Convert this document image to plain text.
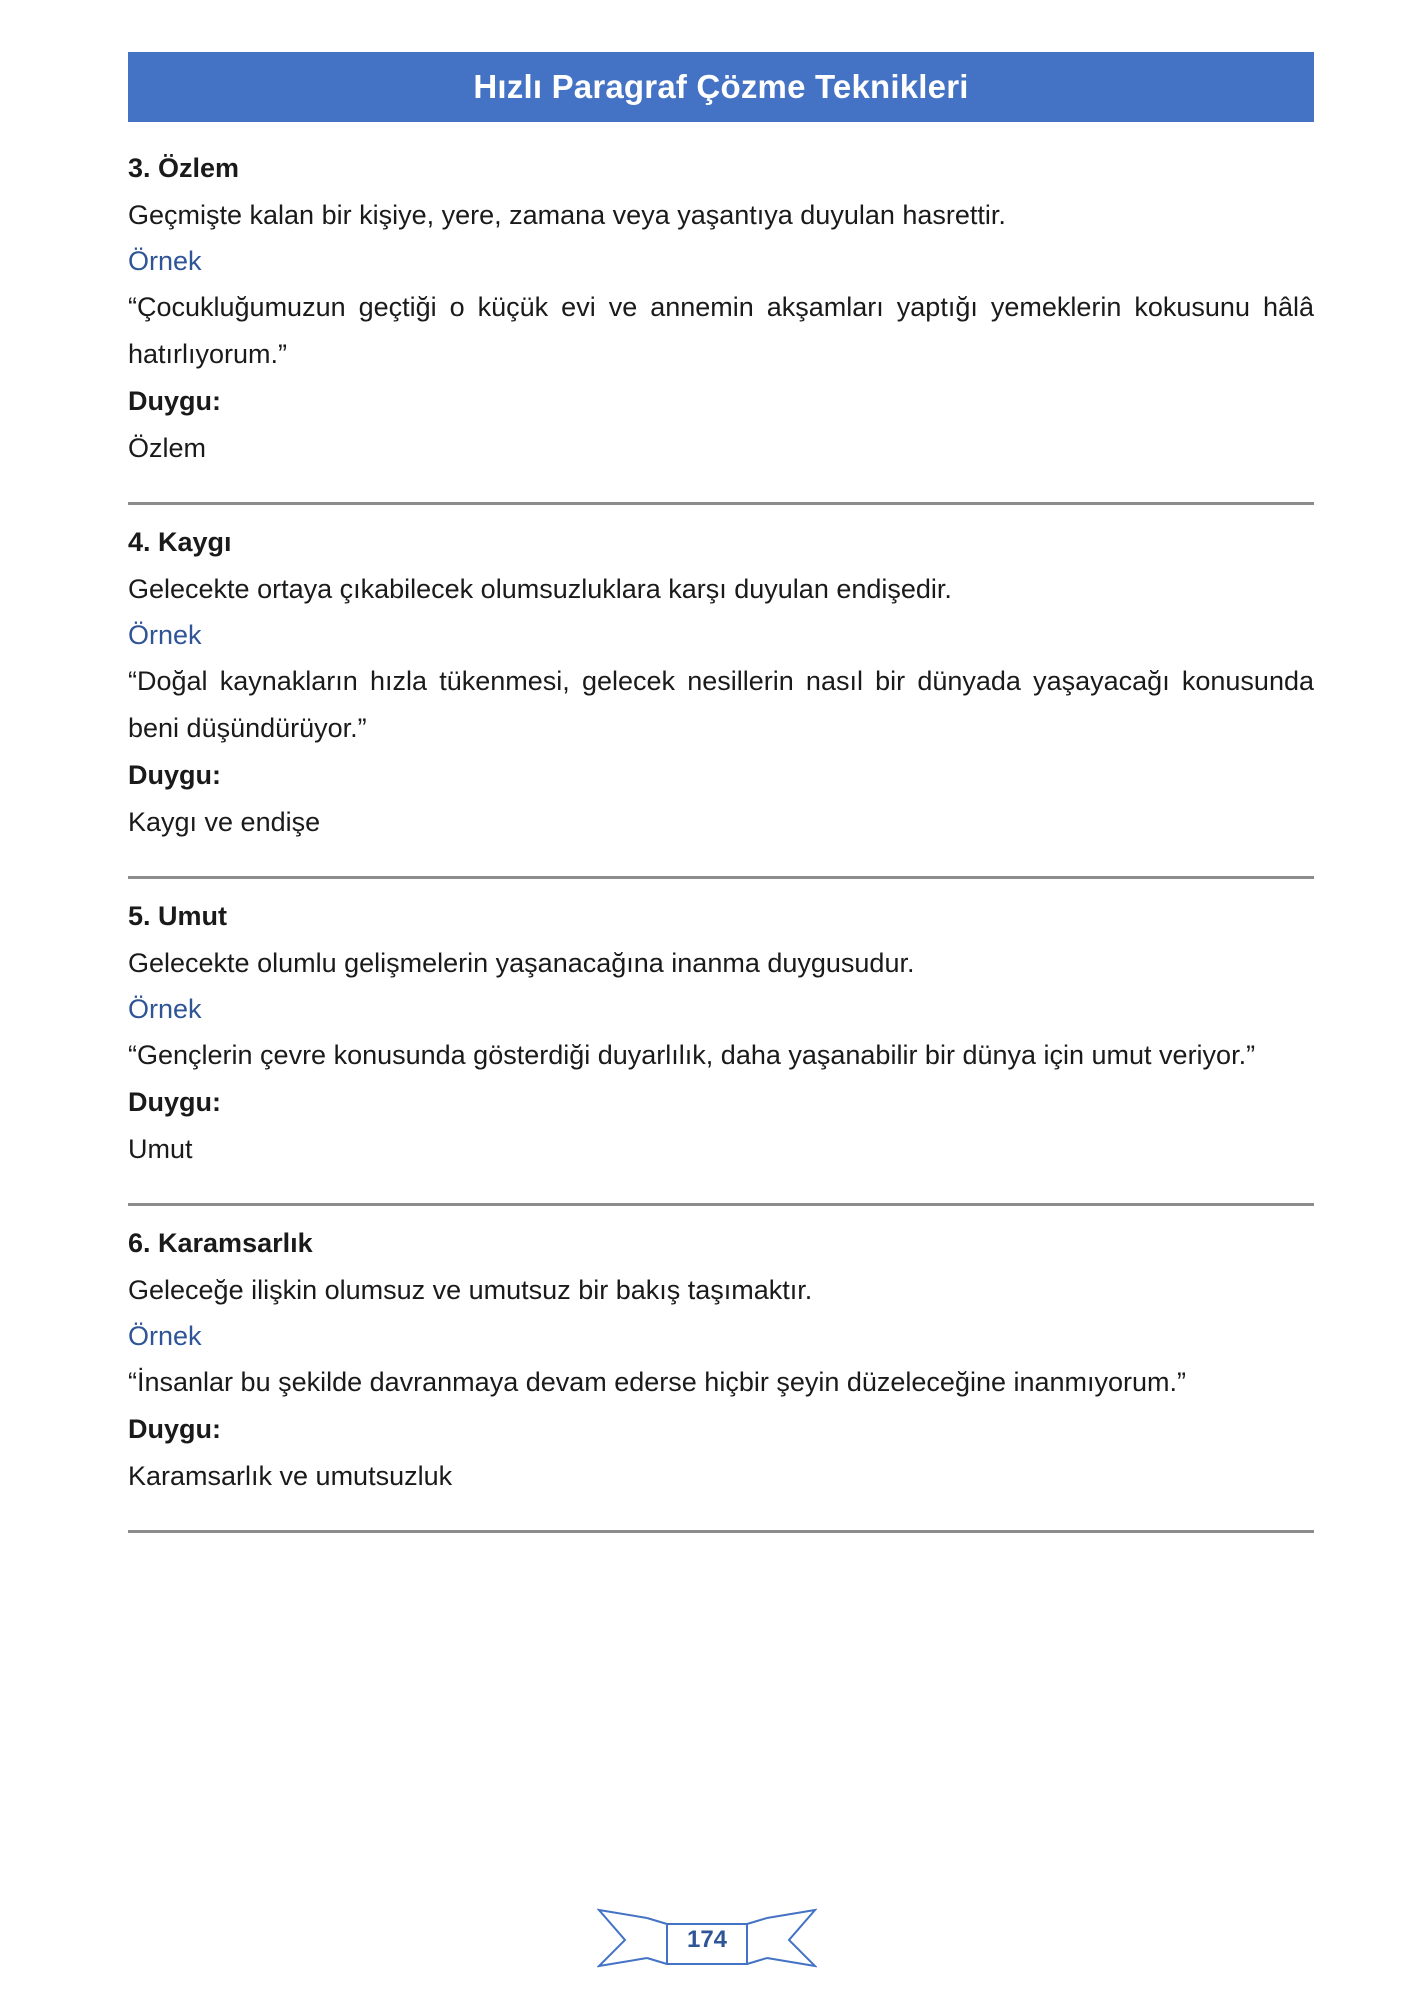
Hızlı Paragraf Çözme Teknikleri

3. Özlem

Geçmişte kalan bir kişiye, yere, zamana veya yaşantıya duyulan hasrettir.

Örnek

“Çocukluğumuzun geçtiği o küçük evi ve annemin akşamları yaptığı yemeklerin kokusunu hâlâ hatırlıyorum.”

Duygu:

Özlem

4. Kaygı

Gelecekte ortaya çıkabilecek olumsuzluklara karşı duyulan endişedir.

Örnek

“Doğal kaynakların hızla tükenmesi, gelecek nesillerin nasıl bir dünyada yaşayacağı konusunda beni düşündürüyor.”

Duygu:

Kaygı ve endişe

5. Umut

Gelecekte olumlu gelişmelerin yaşanacağına inanma duygusudur.

Örnek

“Gençlerin çevre konusunda gösterdiği duyarlılık, daha yaşanabilir bir dünya için umut veriyor.”

Duygu:

Umut

6. Karamsarlık

Geleceğe ilişkin olumsuz ve umutsuz bir bakış taşımaktır.

Örnek

“İnsanlar bu şekilde davranmaya devam ederse hiçbir şeyin düzeleceğine inanmıyorum.”

Duygu:

Karamsarlık ve umutsuzluk

174
